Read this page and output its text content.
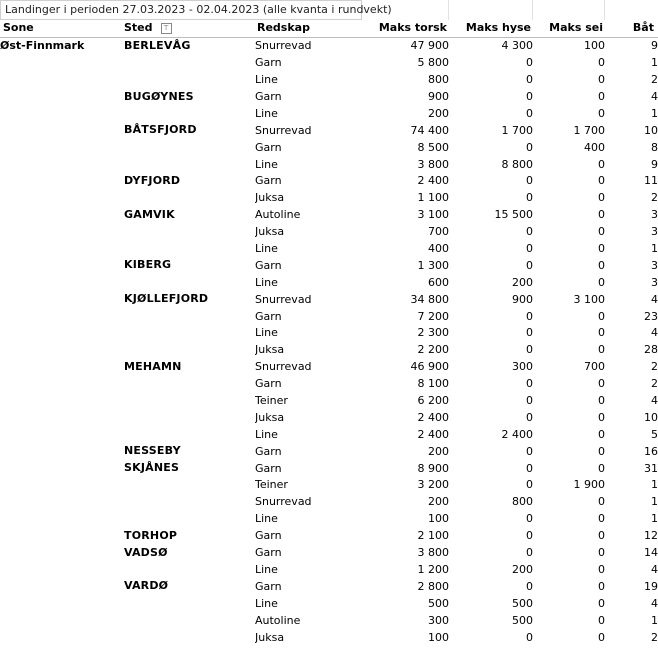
Landinger i perioden 27.03.2023 - 02.04.2023 (alle kvanta i rundvekt)
Sone	Sted ⊤	Redskap	Maks torsk	Maks hyse	Maks sei	Båt
Øst-Finnmark	BERLEVÅG	Snurrevad	47 900	4 300	100	9
		Garn	5 800	0	0	1
		Line	800	0	0	2
	BUGØYNES	Garn	900	0	0	4
		Line	200	0	0	1
	BÅTSFJORD	Snurrevad	74 400	1 700	1 700	10
		Garn	8 500	0	400	8
		Line	3 800	8 800	0	9
	DYFJORD	Garn	2 400	0	0	11
		Juksa	1 100	0	0	2
	GAMVIK	Autoline	3 100	15 500	0	3
		Juksa	700	0	0	3
		Line	400	0	0	1
	KIBERG	Garn	1 300	0	0	3
		Line	600	200	0	3
	KJØLLEFJORD	Snurrevad	34 800	900	3 100	4
		Garn	7 200	0	0	23
		Line	2 300	0	0	4
		Juksa	2 200	0	0	28
	MEHAMN	Snurrevad	46 900	300	700	2
		Garn	8 100	0	0	2
		Teiner	6 200	0	0	4
		Juksa	2 400	0	0	10
		Line	2 400	2 400	0	5
	NESSEBY	Garn	200	0	0	16
	SKJÅNES	Garn	8 900	0	0	31
		Teiner	3 200	0	1 900	1
		Snurrevad	200	800	0	1
		Line	100	0	0	1
	TORHOP	Garn	2 100	0	0	12
	VADSØ	Garn	3 800	0	0	14
		Line	1 200	200	0	4
	VARDØ	Garn	2 800	0	0	19
		Line	500	500	0	4
		Autoline	300	500	0	1
		Juksa	100	0	0	2
